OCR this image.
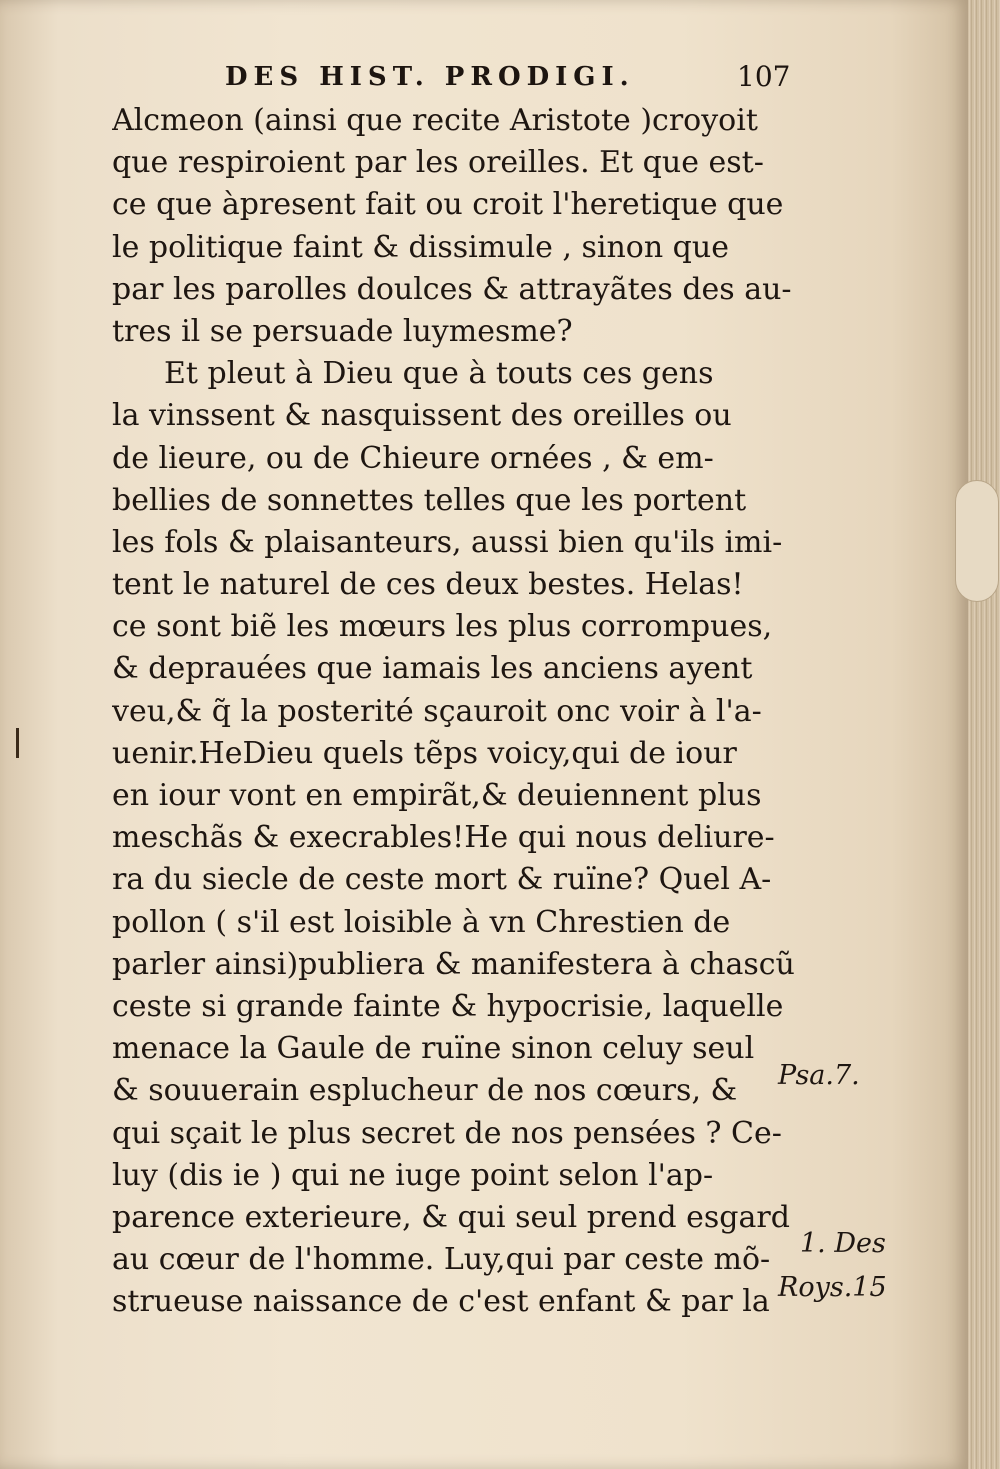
DES HIST. PRODIGI.	107
Alcmeon (ainsi que recite Aristote )croyoit
que respiroient par les oreilles. Et que est-
ce que àpresent fait ou croit l'heretique que
le politique faint & dissimule , sinon que
par les parolles doulces & attrayãtes des au-
tres il se persuade luymesme?
Et pleut à Dieu que à touts ces gens
la vinssent & nasquissent des oreilles ou
de lieure, ou de Chieure ornées , & em-
bellies de sonnettes telles que les portent
les fols & plaisanteurs, aussi bien qu'ils imi-
tent le naturel de ces deux bestes. Helas!
ce sont biẽ les mœurs les plus corrompues,
& deprauées que iamais les anciens ayent
veu,& q̃ la posterité sçauroit onc voir à l'a-
uenir.HeDieu quels tẽps voicy,qui de iour
en iour vont en empirãt,& deuiennent plus
meschãs & execrables!He qui nous deliure-
ra du siecle de ceste mort & ruïne? Quel A-
pollon ( s'il est loisible à vn Chrestien de
parler ainsi)publiera & manifestera à chascũ
ceste si grande fainte & hypocrisie, laquelle
menace la Gaule de ruïne sinon celuy seul
& souuerain esplucheur de nos cœurs, &
qui sçait le plus secret de nos pensées ? Ce-
luy (dis ie ) qui ne iuge point selon l'ap-
parence exterieure, & qui seul prend esgard
au cœur de l'homme. Luy,qui par ceste mõ-
strueuse naissance de c'est enfant & par la
Psa.7.
1. Des
Roys.15
